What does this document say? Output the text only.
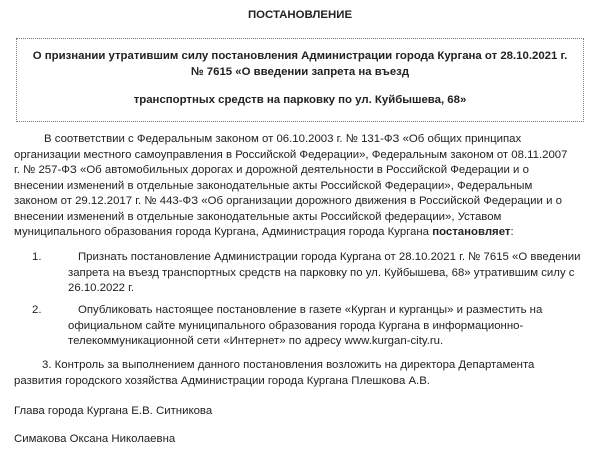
ПОСТАНОВЛЕНИЕ
О признании утратившим силу постановления Администрации города Кургана от 28.10.2021 г.
№ 7615 «О введении запрета на въезд
транспортных средств на парковку по ул. Куйбышева, 68»
В соответствии с Федеральным законом от 06.10.2003 г. № 131-ФЗ «Об общих принципах
организации местного самоуправления в Российской Федерации», Федеральным законом от 08.11.2007
г. № 257-ФЗ «Об автомобильных дорогах и дорожной деятельности в Российской Федерации и о
внесении изменений в отдельные законодательные акты Российской Федерации», Федеральным
законом от 29.12.2017 г. № 443-ФЗ «Об организации дорожного движения в Российской Федерации и о
внесении изменений в отдельные законодательные акты Российской федерации», Уставом
муниципального образования города Кургана, Администрация города Кургана постановляет:
1.	Признать постановление Администрации города Кургана от 28.10.2021 г. № 7615 «О введении
запрета на въезд транспортных средств на парковку по ул. Куйбышева, 68» утратившим силу с
26.10.2022 г.
2.	Опубликовать настоящее постановление в газете «Курган и курганцы» и разместить на
официальном сайте муниципального образования города Кургана в информационно-
телекоммуникационной сети «Интернет» по адресу www.kurgan-city.ru.
3. Контроль за выполнением данного постановления возложить на директора Департамента
развития городского хозяйства Администрации города Кургана Плешкова А.В.
Глава города Кургана Е.В. Ситникова
Симакова Оксана Николаевна
